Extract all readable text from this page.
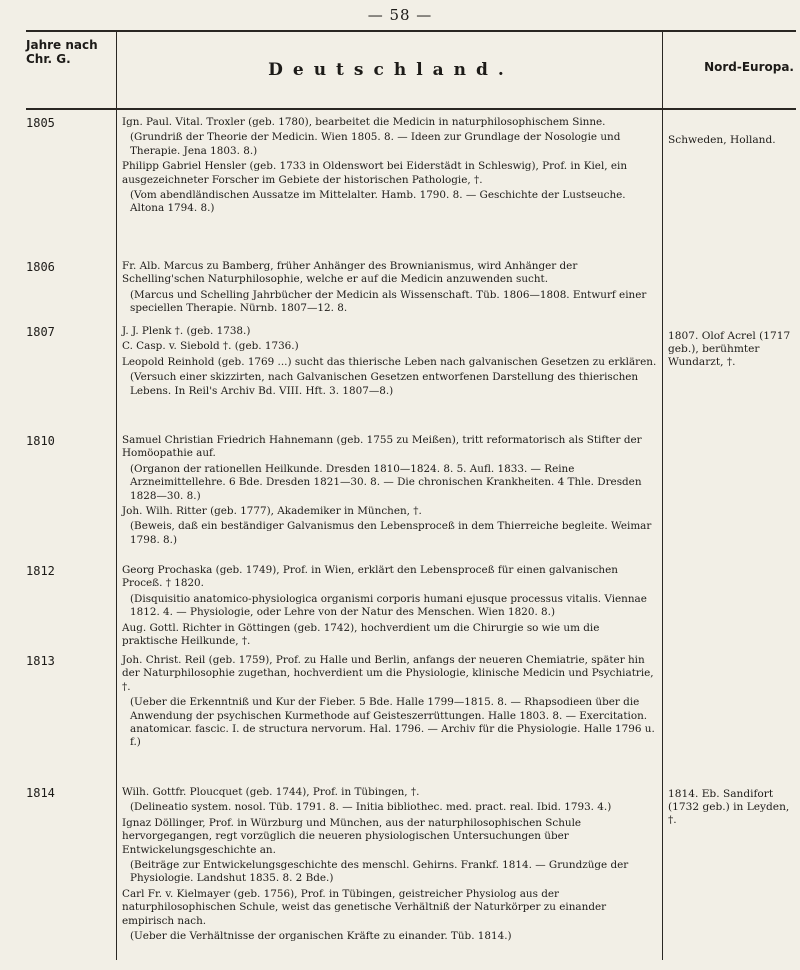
— 58 —
Jahre nach Chr. G.
Deutschland.	Nord-Europa.
1805
1806
1807
1810
1812
1813
1814

Ign. Paul. Vital. Troxler (geb. 1780), bearbeitet die Medicin in naturphilosophischem Sinne.

(Grundriß der Theorie der Medicin. Wien 1805. 8. — Ideen zur Grundlage der Nosologie und Therapie. Jena 1803. 8.)

Philipp Gabriel Hensler (geb. 1733 in Oldenswort bei Eiderstädt in Schleswig), Prof. in Kiel, ein ausgezeichneter Forscher im Gebiete der historischen Pathologie, †.

(Vom abendländischen Aussatze im Mittelalter. Hamb. 1790. 8. — Geschichte der Lustseuche. Altona 1794. 8.)

Fr. Alb. Marcus zu Bamberg, früher Anhänger des Brownianismus, wird Anhänger der Schelling'schen Naturphilosophie, welche er auf die Medicin anzuwenden sucht.

(Marcus und Schelling Jahrbücher der Medicin als Wissenschaft. Tüb. 1806—1808. Entwurf einer speciellen Therapie. Nürnb. 1807—12. 8.

J. J. Plenk †. (geb. 1738.)

C. Casp. v. Siebold †. (geb. 1736.)

Leopold Reinhold (geb. 1769 ...) sucht das thierische Leben nach galvanischen Gesetzen zu erklären.

(Versuch einer skizzirten, nach Galvanischen Gesetzen entworfenen Darstellung des thierischen Lebens. In Reil's Archiv Bd. VIII. Hft. 3. 1807—8.)

Samuel Christian Friedrich Hahnemann (geb. 1755 zu Meißen), tritt reformatorisch als Stifter der Homöopathie auf.

(Organon der rationellen Heilkunde. Dresden 1810—1824. 8. 5. Aufl. 1833. — Reine Arzneimittellehre. 6 Bde. Dresden 1821—30. 8. — Die chronischen Krankheiten. 4 Thle. Dresden 1828—30. 8.)

Joh. Wilh. Ritter (geb. 1777), Akademiker in München, †.

(Beweis, daß ein beständiger Galvanismus den Lebensproceß in dem Thierreiche begleite. Weimar 1798. 8.)

Georg Prochaska (geb. 1749), Prof. in Wien, erklärt den Lebensproceß für einen galvanischen Proceß. † 1820.

(Disquisitio anatomico-physiologica organismi corporis humani ejusque processus vitalis. Viennae 1812. 4. — Physiologie, oder Lehre von der Natur des Menschen. Wien 1820. 8.)

Aug. Gottl. Richter in Göttingen (geb. 1742), hochverdient um die Chirurgie so wie um die praktische Heilkunde, †.

Joh. Christ. Reil (geb. 1759), Prof. zu Halle und Berlin, anfangs der neueren Chemiatrie, später hin der Naturphilosophie zugethan, hochverdient um die Physiologie, klinische Medicin und Psychiatrie, †.

(Ueber die Erkenntniß und Kur der Fieber. 5 Bde. Halle 1799—1815. 8. — Rhapsodieen über die Anwendung der psychischen Kurmethode auf Geisteszerrüttungen. Halle 1803. 8. — Exercitation. anatomicar. fascic. I. de structura nervorum. Hal. 1796. — Archiv für die Physiologie. Halle 1796 u. f.)

Wilh. Gottfr. Ploucquet (geb. 1744), Prof. in Tübingen, †.

(Delineatio system. nosol. Tüb. 1791. 8. — Initia bibliothec. med. pract. real. Ibid. 1793. 4.)

Ignaz Döllinger, Prof. in Würzburg und München, aus der naturphilosophischen Schule hervorgegangen, regt vorzüglich die neueren physiologischen Untersuchungen über Entwickelungsgeschichte an.

(Beiträge zur Entwickelungsgeschichte des menschl. Gehirns. Frankf. 1814. — Grundzüge der Physiologie. Landshut 1835. 8. 2 Bde.)

Carl Fr. v. Kielmayer (geb. 1756), Prof. in Tübingen, geistreicher Physiolog aus der naturphilosophischen Schule, weist das genetische Verhältniß der Naturkörper zu einander empirisch nach.

(Ueber die Verhältnisse der organischen Kräfte zu einander. Tüb. 1814.)

Schweden, Holland.
1807. Olof Acrel (1717 geb.), berühmter Wundarzt, †.
1814. Eb. Sandifort (1732 geb.) in Leyden, †.
